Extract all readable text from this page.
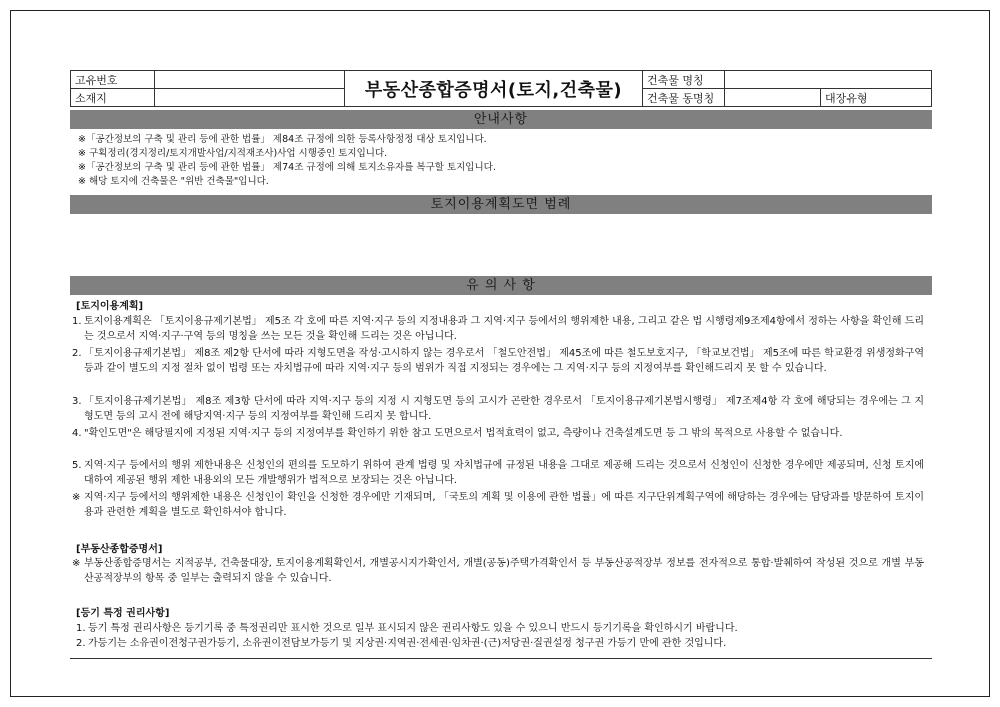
고유번호		부동산종합증명서(토지,건축물)	건축물 명칭		
소재지			건축물 동명칭		대장유형
안내사항
※「공간정보의 구축 및 관리 등에 관한 법률」 제84조 규정에 의한 등록사항정정 대상 토지입니다.
※ 구획정리(경지정리/토지개발사업/지적재조사)사업 시행중인 토지입니다.
※「공간정보의 구축 및 관리 등에 관한 법률」 제74조 규정에 의해 토지소유자를 복구할 토지입니다.
※ 해당 토지에 건축물은 "위반 건축물"입니다.
토지이용계획도면 범례
유 의 사 항
[토지이용계획]
1. 토지이용계획은 「토지이용규제기본법」 제5조 각 호에 따른 지역·지구 등의 지정내용과 그 지역·지구 등에서의 행위제한 내용, 그리고 같은 법 시행령제9조제4항에서 정하는 사항을 확인해 드리는 것으로서 지역·지구·구역 등의 명칭을 쓰는 모든 것을 확인해 드리는 것은 아닙니다.
2. 「토지이용규제기본법」 제8조 제2항 단서에 따라 지형도면을 작성·고시하지 않는 경우로서 「철도안전법」 제45조에 따른 철도보호지구, 「학교보건법」 제5조에 따른 학교환경 위생정화구역 등과 같이 별도의 지정 절차 없이 법령 또는 자치법규에 따라 지역·지구 등의 범위가 직접 지정되는 경우에는 그 지역·지구 등의 지정여부를 확인해드리지 못 할 수 있습니다.
3. 「토지이용규제기본법」 제8조 제3항 단서에 따라 지역·지구 등의 지정 시 지형도면 등의 고시가 곤란한 경우로서 「토지이용규제기본법시행령」 제7조제4항 각 호에 해당되는 경우에는 그 지형도면 등의 고시 전에 해당지역·지구 등의 지정여부를 확인해 드리지 못 합니다.
4. "확인도면"은 해당필지에 지정된 지역·지구 등의 지정여부를 확인하기 위한 참고 도면으로서 법적효력이 없고, 측량이나 건축설계도면 등 그 밖의 목적으로 사용할 수 없습니다.
5. 지역·지구 등에서의 행위 제한내용은 신청인의 편의를 도모하기 위하여 관계 법령 및 자치법규에 규정된 내용을 그대로 제공해 드리는 것으로서 신청인이 신청한 경우에만 제공되며, 신청 토지에 대하여 제공된 행위 제한 내용외의 모든 개발행위가 법적으로 보장되는 것은 아닙니다.
※ 지역·지구 등에서의 행위제한 내용은 신청인이 확인을 신청한 경우에만 기재되며, 「국토의 계획 및 이용에 관한 법률」에 따른 지구단위계획구역에 해당하는 경우에는 담당과를 방문하여 토지이용과 관련한 계획을 별도로 확인하셔야 합니다.
[부동산종합증명서]
※ 부동산종합증명서는 지적공부, 건축물대장, 토지이용계획확인서, 개별공시지가확인서, 개별(공동)주택가격확인서 등 부동산공적장부 정보를 전자적으로 통합·발췌하여 작성된 것으로 개별 부동산공적장부의 항목 중 일부는 출력되지 않을 수 있습니다.
[등기 특정 권리사항]
1. 등기 특정 권리사항은 등기기록 중 특정권리만 표시한 것으로 일부 표시되지 않은 권리사항도 있을 수 있으니 반드시 등기기록을 확인하시기 바랍니다.
2. 가등기는 소유권이전청구권가등기, 소유권이전담보가등기 및 지상권·지역권·전세권·임차권·(근)저당권·질권설정 청구권 가등기 만에 관한 것입니다.
